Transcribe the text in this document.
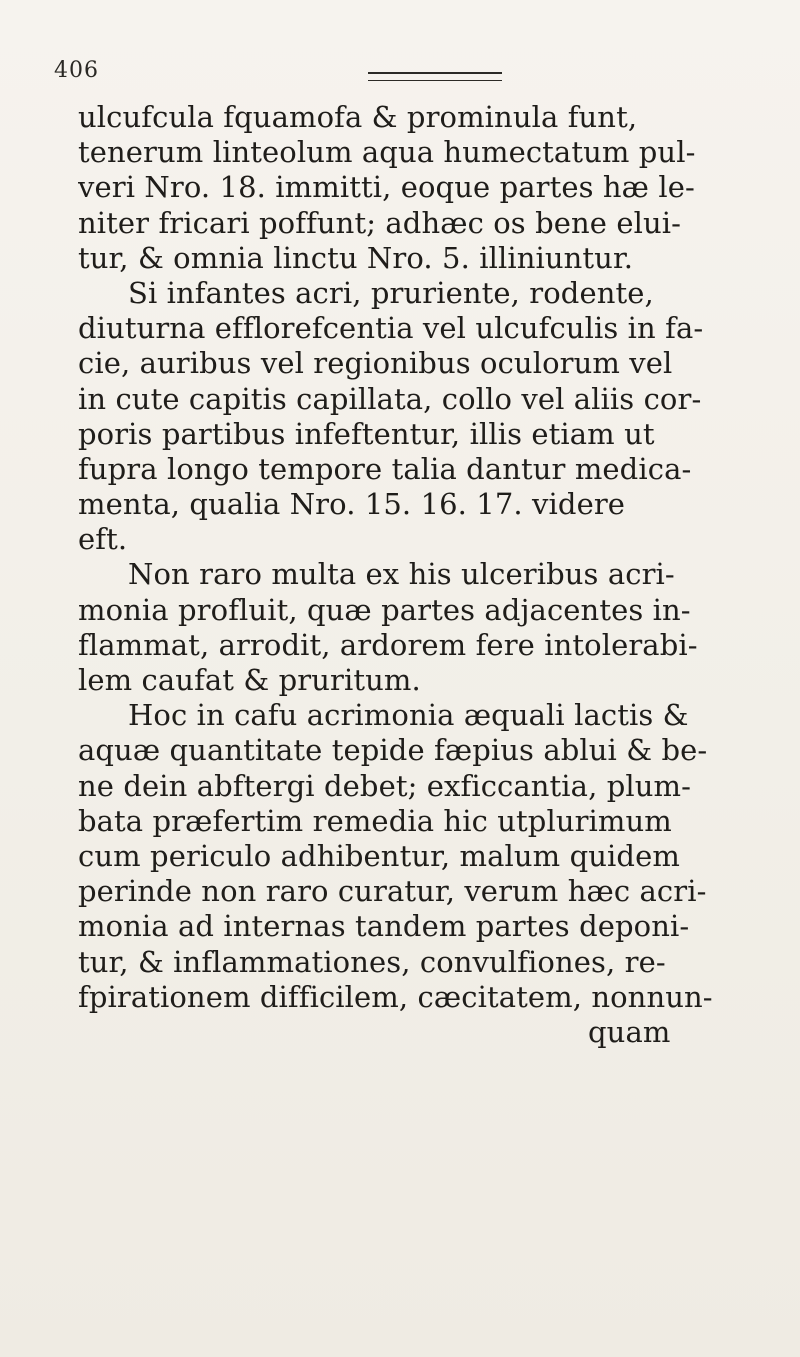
406
ulcufcula fquamofa & prominula funt,
tenerum linteolum aqua humectatum pul-
veri Nro. 18. immitti, eoque partes hæ le-
niter fricari poffunt; adhæc os bene elui-
tur, & omnia linctu Nro. 5. illiniuntur.
Si infantes acri, pruriente, rodente,
diuturna efflorefcentia vel ulcufculis in fa-
cie, auribus vel regionibus oculorum vel
in cute capitis capillata, collo vel aliis cor-
poris partibus infeftentur, illis etiam ut
fupra longo tempore talia dantur medica-
menta, qualia Nro. 15. 16. 17. videre
eft.
Non raro multa ex his ulceribus acri-
monia profluit, quæ partes adjacentes in-
flammat, arrodit, ardorem fere intolerabi-
lem caufat & pruritum.
Hoc in cafu acrimonia æquali lactis &
aquæ quantitate tepide fæpius ablui & be-
ne dein abftergi debet; exficcantia, plum-
bata præfertim remedia hic utplurimum
cum periculo adhibentur, malum quidem
perinde non raro curatur, verum hæc acri-
monia ad internas tandem partes deponi-
tur, & inflammationes, convulfiones, re-
fpirationem difficilem, cæcitatem, nonnun-
quam
